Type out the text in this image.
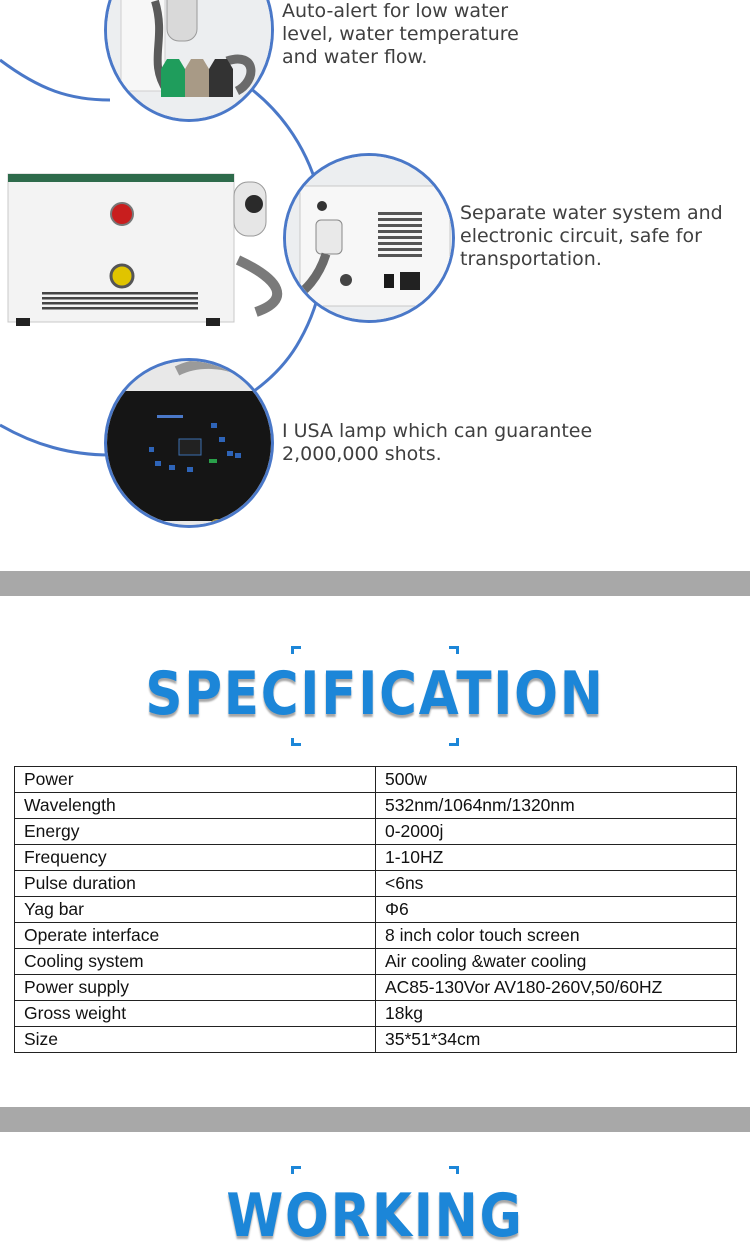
Auto-alert for low water
level, water temperature
and water flow.

Separate water system and
electronic circuit, safe for
transportation.

I USA lamp which can guarantee
2,000,000 shots.

SPECIFICATION
Power	500w
Wavelength	532nm/1064nm/1320nm
Energy	0-2000j
Frequency	1-10HZ
Pulse duration	<6ns
Yag bar	Φ6
Operate interface	8 inch color touch screen
Cooling system	Air cooling &water cooling
Power supply	AC85-130Vor AV180-260V,50/60HZ
Gross weight	18kg
Size	35*51*34cm
WORKING
